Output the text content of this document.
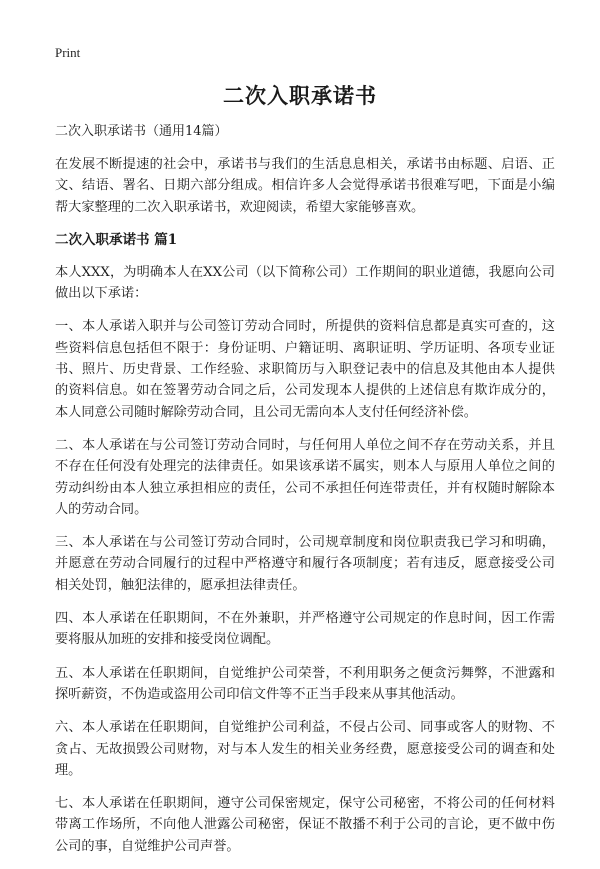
Print
二次入职承诺书

二次入职承诺书（通用14篇）

在发展不断提速的社会中，承诺书与我们的生活息息相关，承诺书由标题、启语、正文、结语、署名、日期六部分组成。相信许多人会觉得承诺书很难写吧，下面是小编帮大家整理的二次入职承诺书，欢迎阅读，希望大家能够喜欢。

二次入职承诺书 篇1

本人XXX，为明确本人在XX公司（以下简称公司）工作期间的职业道德，我愿向公司做出以下承诺：

一、本人承诺入职并与公司签订劳动合同时，所提供的资料信息都是真实可查的，这些资料信息包括但不限于：身份证明、户籍证明、离职证明、学历证明、各项专业证书、照片、历史背景、工作经验、求职简历与入职登记表中的信息及其他由本人提供的资料信息。如在签署劳动合同之后，公司发现本人提供的上述信息有欺诈成分的，本人同意公司随时解除劳动合同，且公司无需向本人支付任何经济补偿。

二、本人承诺在与公司签订劳动合同时，与任何用人单位之间不存在劳动关系，并且不存在任何没有处理完的法律责任。如果该承诺不属实，则本人与原用人单位之间的劳动纠纷由本人独立承担相应的责任，公司不承担任何连带责任，并有权随时解除本人的劳动合同。

三、本人承诺在与公司签订劳动合同时，公司规章制度和岗位职责我已学习和明确，并愿意在劳动合同履行的过程中严格遵守和履行各项制度；若有违反，愿意接受公司相关处罚，触犯法律的，愿承担法律责任。

四、本人承诺在任职期间，不在外兼职，并严格遵守公司规定的作息时间，因工作需要将服从加班的安排和接受岗位调配。

五、本人承诺在任职期间，自觉维护公司荣誉，不利用职务之便贪污舞弊，不泄露和探听薪资，不伪造或盗用公司印信文件等不正当手段来从事其他活动。

六、本人承诺在任职期间，自觉维护公司利益，不侵占公司、同事或客人的财物、不贪占、无故损毁公司财物，对与本人发生的相关业务经费，愿意接受公司的调查和处理。

七、本人承诺在任职期间，遵守公司保密规定，保守公司秘密，不将公司的任何材料带离工作场所，不向他人泄露公司秘密，保证不散播不利于公司的言论，更不做中伤公司的事，自觉维护公司声誉。
